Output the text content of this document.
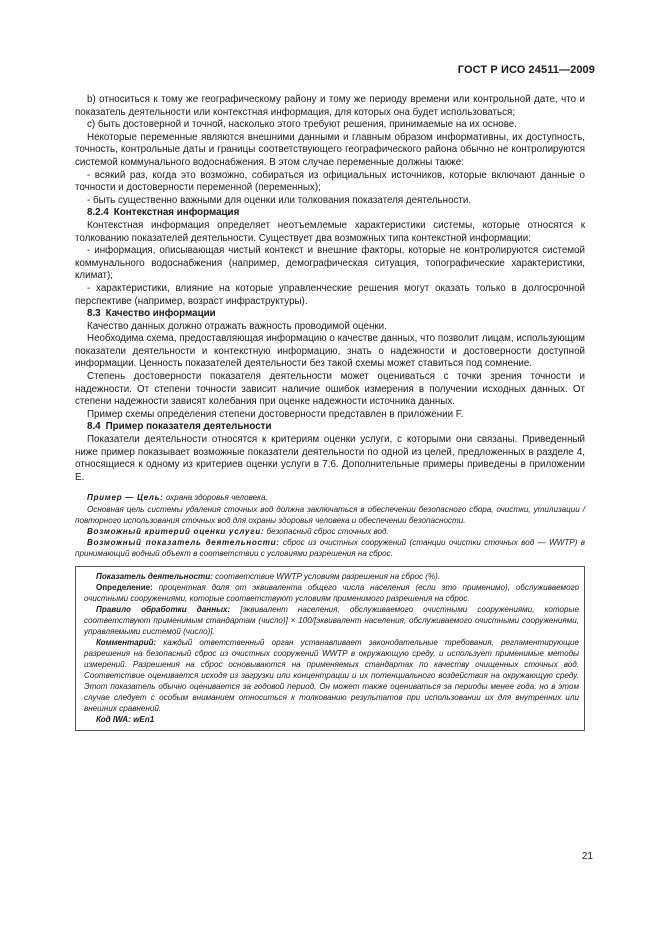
ГОСТ Р ИСО 24511—2009

b) относиться к тому же географическому району и тому же периоду времени или контрольной дате, что и показатель деятельности или контекстная информация, для которых она будет использоваться;

c) быть достоверной и точной, насколько этого требуют решения, принимаемые на их основе.

Некоторые переменные являются внешними данными и главным образом информативны, их доступность, точность, контрольные даты и границы соответствующего географического района обычно не контролируются системой коммунального водоснабжения. В этом случае переменные должны также:

- всякий раз, когда это возможно, собираться из официальных источников, которые включают данные о точности и достоверности переменной (переменных);

- быть существенно важными для оценки или толкования показателя деятельности.

8.2.4 Контекстная информация

Контекстная информация определяет неотъемлемые характеристики системы, которые относятся к толкованию показателей деятельности. Существует два возможных типа контекстной информации:

- информация, описывающая чистый контекст и внешние факторы, которые не контролируются системой коммунального водоснабжения (например, демографическая ситуация, топографические характеристики, климат);

- характеристики, влияние на которые управленческие решения могут оказать только в долгосрочной перспективе (например, возраст инфраструктуры).

8.3 Качество информации

Качество данных должно отражать важность проводимой оценки.

Необходима схема, предоставляющая информацию о качестве данных, что позволит лицам, использующим показатели деятельности и контекстную информацию, знать о надежности и достоверности доступной информации. Ценность показателей деятельности без такой схемы может ставиться под сомнение.

Степень достоверности показателя деятельности может оцениваться с точки зрения точности и надежности. От степени точности зависит наличие ошибок измерения в получении исходных данных. От степени надежности зависят колебания при оценке надежности источника данных.

Пример схемы определения степени достоверности представлен в приложении F.

8.4 Пример показателя деятельности

Показатели деятельности относятся к критериям оценки услуги, с которыми они связаны. Приведенный ниже пример показывает возможные показатели деятельности по одной из целей, предложенных в разделе 4, относящиеся к одному из критериев оценки услуги в 7.6. Дополнительные примеры приведены в приложении Е.

Пример — Цель: охрана здоровья человека.

Основная цель системы удаления сточных вод должна заключаться в обеспечении безопасного сбора, очистки, утилизации /повторного использования сточных вод для охраны здоровья человека и обеспечении безопасности.

Возможный критерий оценки услуги: безопасный сброс сточных вод.

Возможный показатель деятельности: сброс из очистных сооружений (станции очистки сточных вод — WWTP) в принимающий водный объект в соответствии с условиями разрешения на сброс.

Показатель деятельности: соответствие WWTP условиям разрешения на сброс (%).

Определение: процентная доля от эквивалента общего числа населения (если это применимо), обслуживаемого очистными сооружениями, которые соответствуют условиям применимого разрешения на сброс.

Правило обработки данных: [эквивалент населения, обслуживаемого очистными сооружениями, которые соответствуют применимым стандартам (число)] × 100/[эквивалент населения, обслуживаемого очистными сооружениями, управляемыми системой (число)].

Комментарий: каждый ответственный орган устанавливает законодательные требования, регламентирующие разрешения на безопасный сброс из очистных сооружений WWTP в окружающую среду, и использует применимые методы измерений. Разрешения на сброс основываются на применяемых стандартах по качеству очищенных сточных вод. Соответствие оценивается исходя из загрузки или концентрации и их потенциального воздействия на окружающую среду. Этот показатель обычно оценивается за годовой период. Он может также оцениваться за периоды менее года, но в этом случае следует с особым вниманием относиться к толкованию результатов при использовании их для внутренних или внешних сравнений.

Код IWA: wEn1

21
